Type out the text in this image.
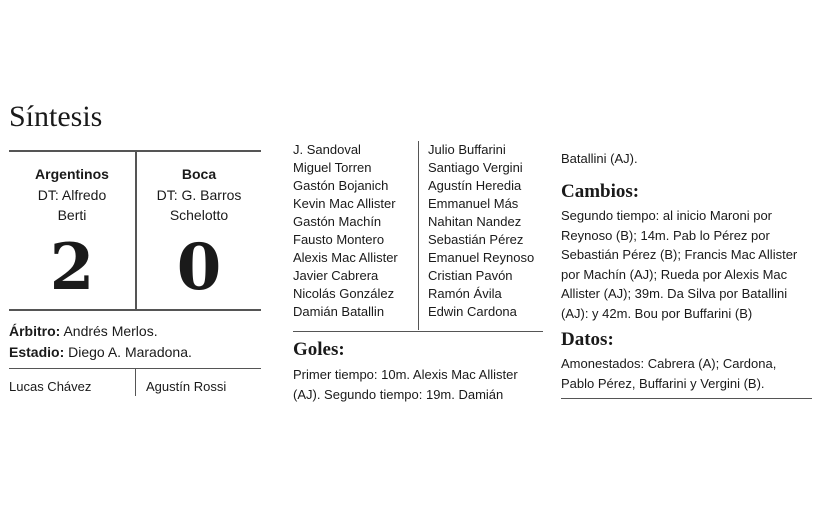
Síntesis
Argentinos
DT: Alfredo
Berti
2
Boca
DT: G. Barros
Schelotto
0
Árbitro: Andrés Merlos.
Estadio: Diego A. Maradona.
Lucas Chávez	Agustín Rossi
J. Sandoval
Miguel Torren
Gastón Bojanich
Kevin Mac Allister
Gastón Machín
Fausto Montero
Alexis Mac Allister
Javier Cabrera
Nicolás González
Damián Batallin
Julio Buffarini
Santiago Vergini
Agustín Heredia
Emmanuel Más
Nahitan Nandez
Sebastián Pérez
Emanuel Reynoso
Cristian Pavón
Ramón Ávila
Edwin Cardona
Goles:
Primer tiempo: 10m. Alexis Mac Allister
(AJ). Segundo tiempo: 19m. Damián
Batallini (AJ).
Cambios:
Segundo tiempo: al inicio Maroni por
Reynoso (B); 14m. Pab lo Pérez por
Sebastián Pérez (B); Francis Mac Allister
por Machín (AJ); Rueda por Alexis Mac
Allister (AJ); 39m. Da Silva por Batallini
(AJ): y 42m. Bou por Buffarini (B)
Datos:
Amonestados: Cabrera (A); Cardona,
Pablo Pérez, Buffarini y Vergini (B).
